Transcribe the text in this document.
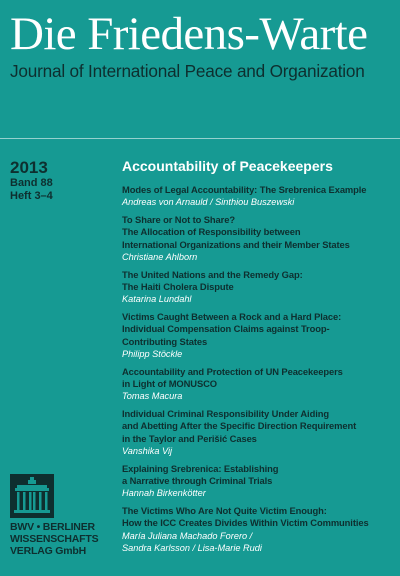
Die Friedens-Warte
Journal of International Peace and Organization
2013
Band 88
Heft 3–4
Accountability of Peacekeepers
Modes of Legal Accountability: The Srebrenica Example
Andreas von Arnauld / Sinthiou Buszewski
To Share or Not to Share?
The Allocation of Responsibility between
International Organizations and their Member States
Christiane Ahlborn
The United Nations and the Remedy Gap:
The Haiti Cholera Dispute
Katarina Lundahl
Victims Caught Between a Rock and a Hard Place:
Individual Compensation Claims against Troop-
Contributing States
Philipp Stöckle
Accountability and Protection of UN Peacekeepers
in Light of MONUSCO
Tomas Macura
Individual Criminal Responsibility Under Aiding
and Abetting After the Specific Direction Requirement
in the Taylor and Perišić Cases
Vanshika Vij
Explaining Srebrenica: Establishing
a Narrative through Criminal Trials
Hannah Birkenkötter
The Victims Who Are Not Quite Victim Enough:
How the ICC Creates Divides Within Victim Communities
María Juliana Machado Forero /
Sandra Karlsson / Lisa-Marie Rudi
BWV • BERLINER
WISSENSCHAFTS
VERLAG GmbH
